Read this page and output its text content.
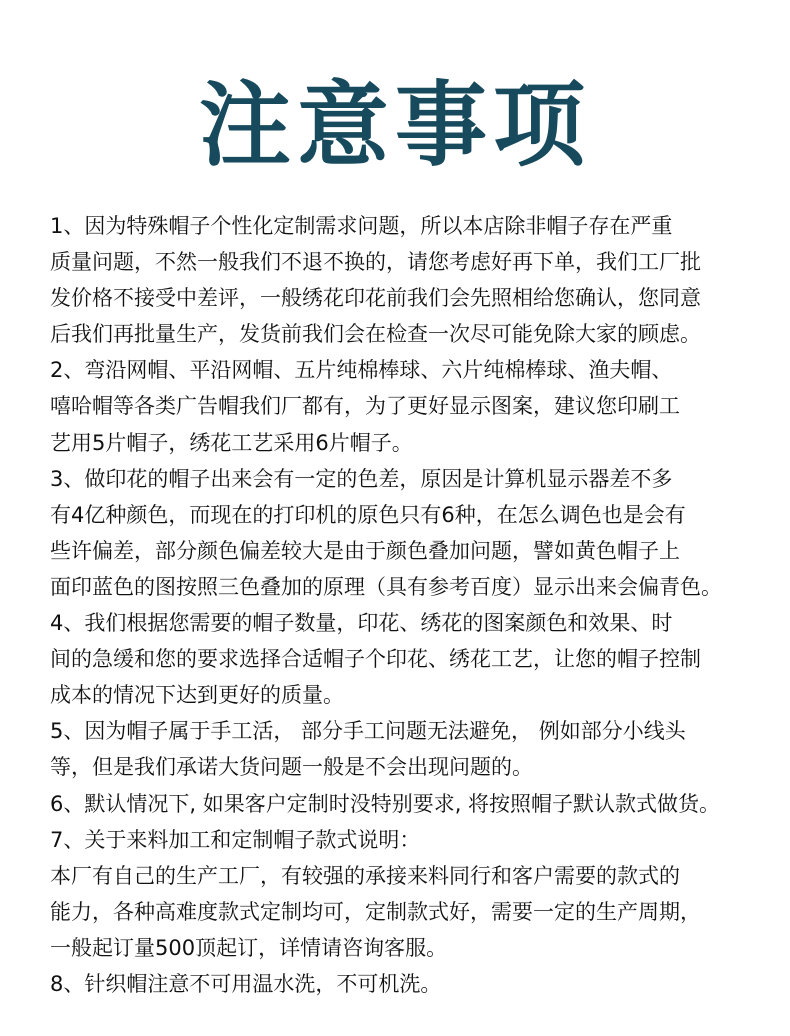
注意事项
1、因为特殊帽子个性化定制需求问题，所以本店除非帽子存在严重
质量问题，不然一般我们不退不换的，请您考虑好再下单，我们工厂批
发价格不接受中差评，一般绣花印花前我们会先照相给您确认，您同意
后我们再批量生产，发货前我们会在检查一次尽可能免除大家的顾虑。
2、弯沿网帽、平沿网帽、五片纯棉棒球、六片纯棉棒球、渔夫帽、
嘻哈帽等各类广告帽我们厂都有，为了更好显示图案，建议您印刷工
艺用5片帽子，绣花工艺采用6片帽子。
3、做印花的帽子出来会有一定的色差，原因是计算机显示器差不多
有4亿种颜色，而现在的打印机的原色只有6种，在怎么调色也是会有
些许偏差，部分颜色偏差较大是由于颜色叠加问题，譬如黄色帽子上
面印蓝色的图按照三色叠加的原理（具有参考百度）显示出来会偏青色。
4、我们根据您需要的帽子数量，印花、绣花的图案颜色和效果、时
间的急缓和您的要求选择合适帽子个印花、绣花工艺，让您的帽子控制
成本的情况下达到更好的质量。
5、因为帽子属于手工活， 部分手工问题无法避免， 例如部分小线头
等，但是我们承诺大货问题一般是不会出现问题的。
6、默认情况下, 如果客户定制时没特别要求, 将按照帽子默认款式做货。
7、关于来料加工和定制帽子款式说明：
本厂有自己的生产工厂，有较强的承接来料同行和客户需要的款式的
能力，各种高难度款式定制均可，定制款式好，需要一定的生产周期，
一般起订量500顶起订，详情请咨询客服。
8、针织帽注意不可用温水洗，不可机洗。
